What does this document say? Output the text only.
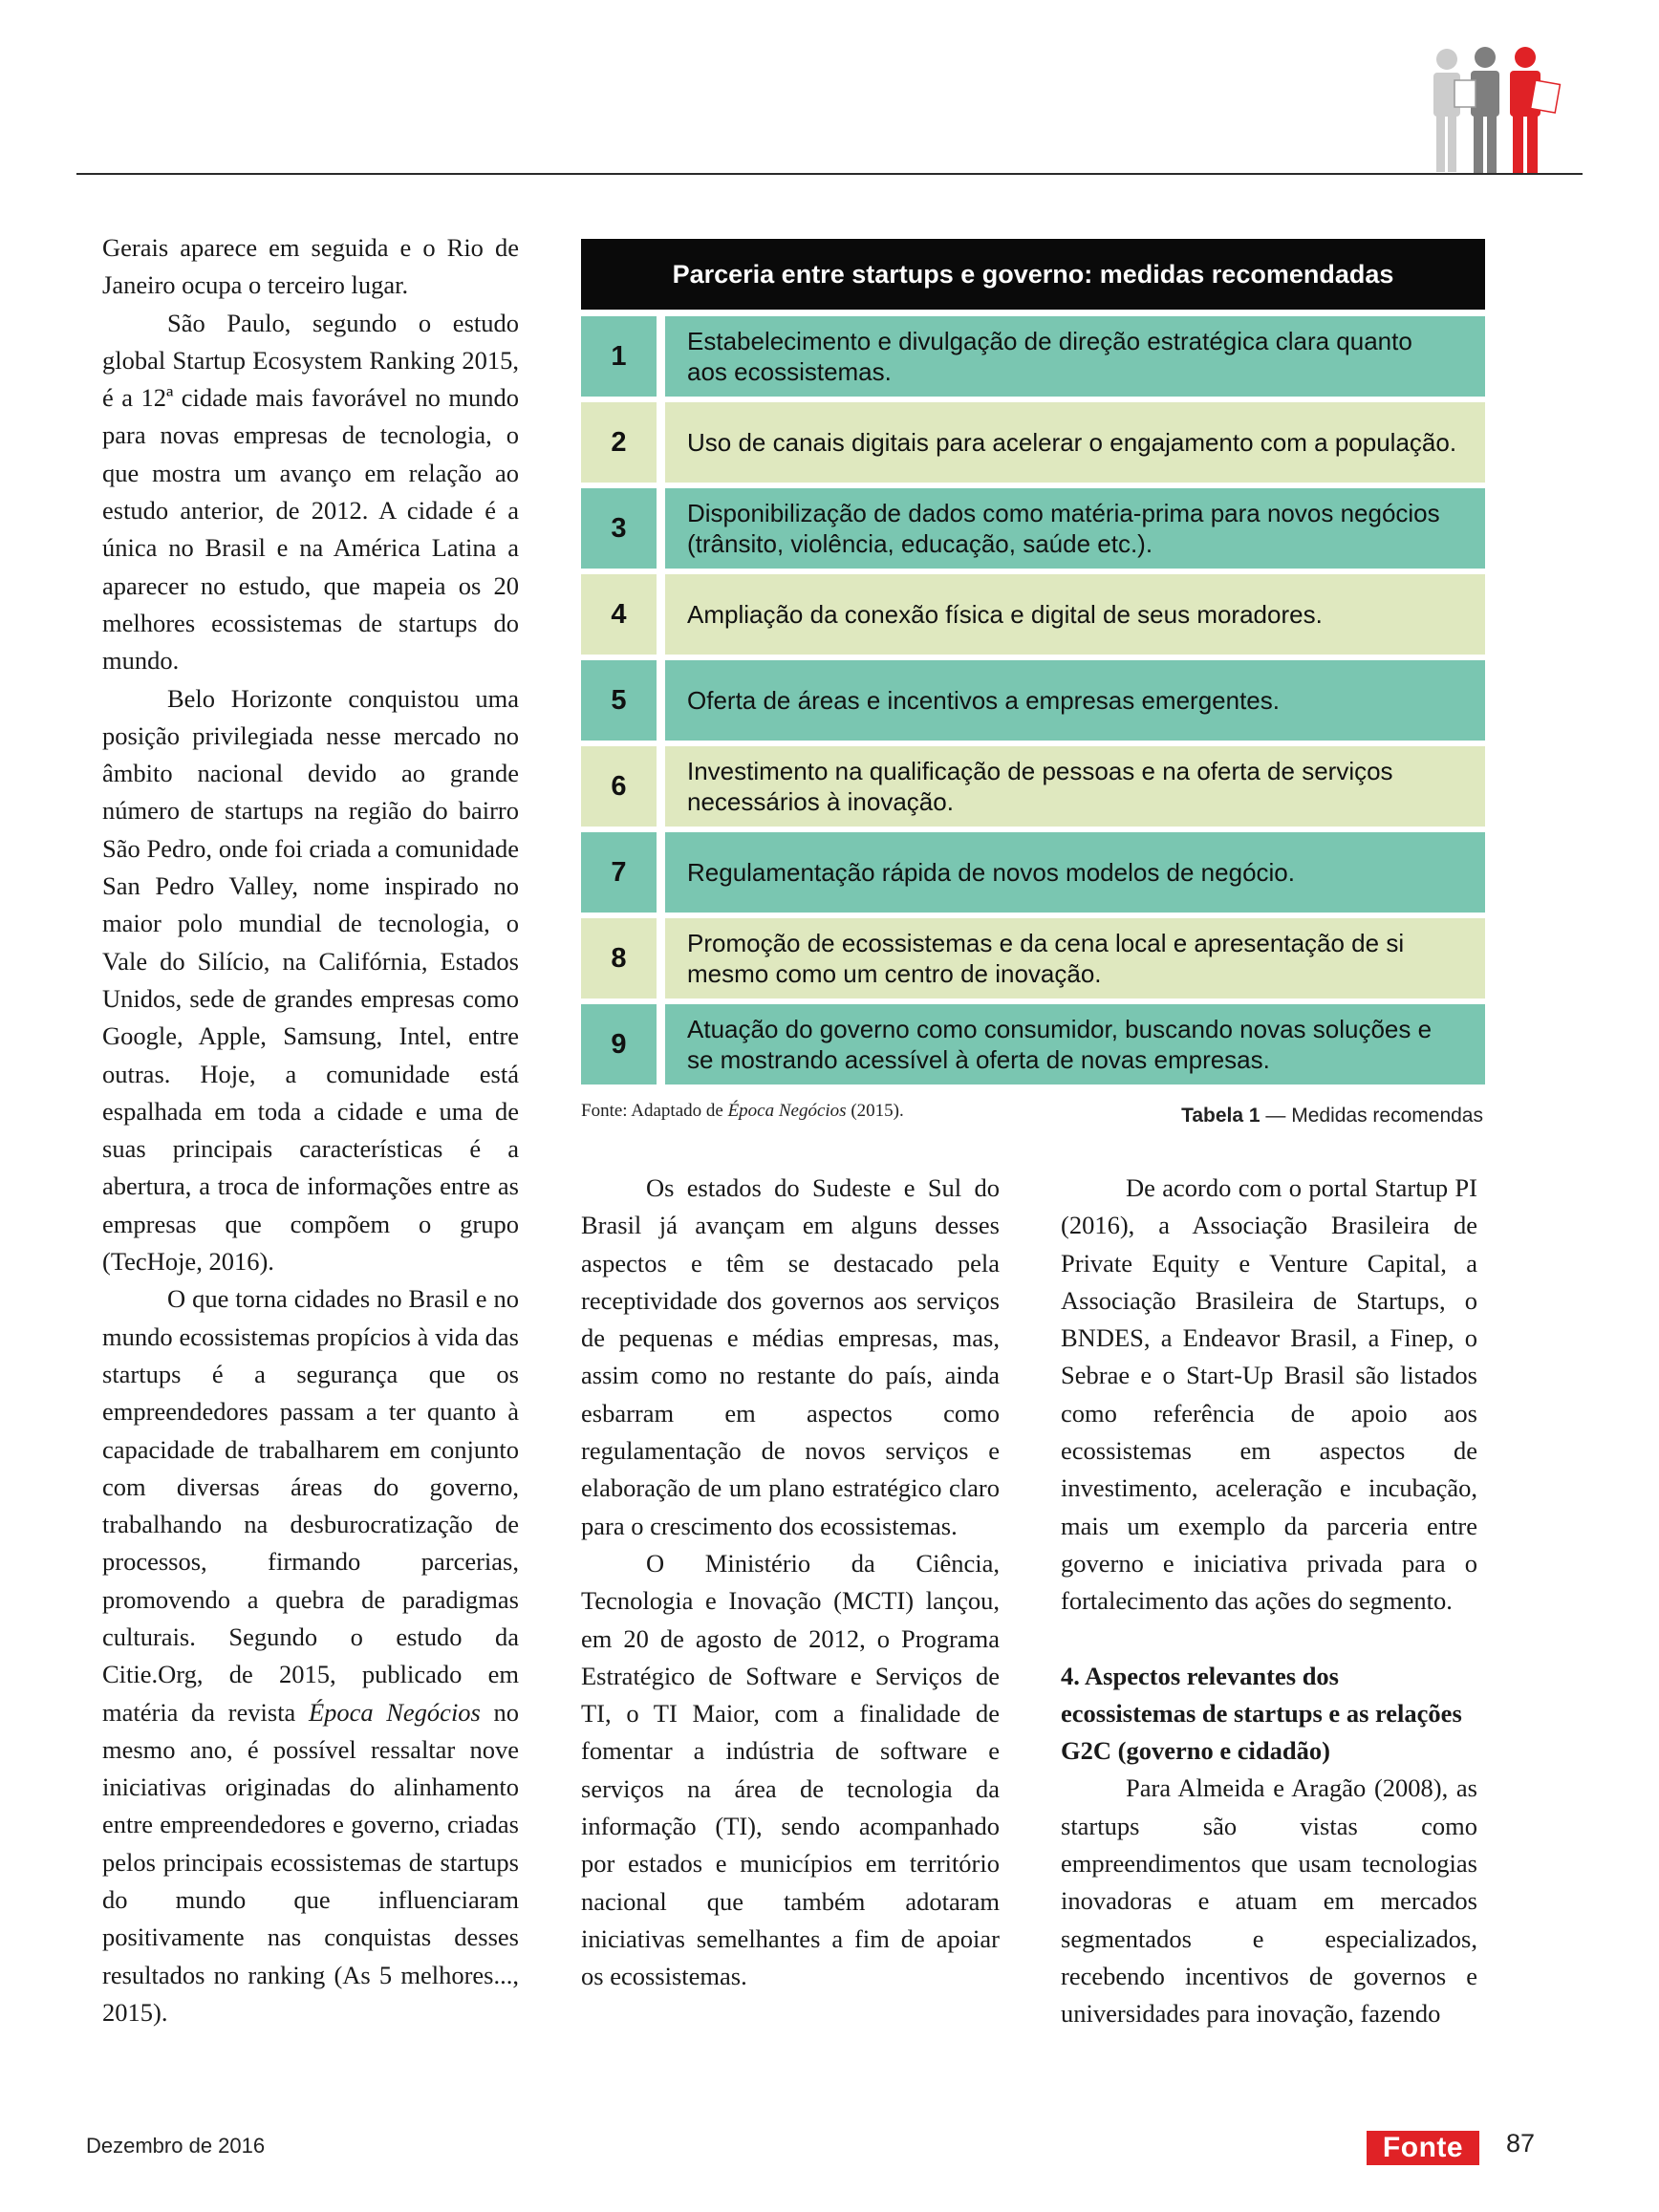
Gerais aparece em seguida e o Rio de Janeiro ocupa o terceiro lugar.

São Paulo, segundo o estudo global Startup Ecosystem Ranking 2015, é a 12ª cidade mais favorável no mundo para novas empresas de tecnologia, o que mostra um avanço em relação ao estudo anterior, de 2012. A cidade é a única no Brasil e na América Latina a aparecer no estudo, que mapeia os 20 melhores ecossistemas de startups do mundo.

Belo Horizonte conquistou uma posição privilegiada nesse mercado no âmbito nacional devido ao grande número de startups na região do bairro São Pedro, onde foi criada a comunidade San Pedro Valley, nome inspirado no maior polo mundial de tecnologia, o Vale do Silício, na Califórnia, Estados Unidos, sede de grandes empresas como Google, Apple, Samsung, Intel, entre outras. Hoje, a comunidade está espalhada em toda a cidade e uma de suas principais características é a abertura, a troca de informações entre as empresas que compõem o grupo (TecHoje, 2016).

O que torna cidades no Brasil e no mundo ecossistemas propícios à vida das startups é a segurança que os empreendedores passam a ter quanto à capacidade de trabalharem em conjunto com diversas áreas do governo, trabalhando na desburocratização de processos, firmando parcerias, promovendo a quebra de paradigmas culturais. Segundo o estudo da Citie.Org, de 2015, publicado em matéria da revista Época Negócios no mesmo ano, é possível ressaltar nove iniciativas originadas do alinhamento entre empreendedores e governo, criadas pelos principais ecossistemas de startups do mundo que influenciaram positivamente nas conquistas desses resultados no ranking (As 5 melhores..., 2015).

Parceria entre startups e governo: medidas recomendadas
1	Estabelecimento e divulgação de direção estratégica clara quanto aos ecossistemas.
2	Uso de canais digitais para acelerar o engajamento com a população.
3	Disponibilização de dados como matéria-prima para novos negócios (trânsito, violência, educação, saúde etc.).
4	Ampliação da conexão física e digital de seus moradores.
5	Oferta de áreas e incentivos a empresas emergentes.
6	Investimento na qualificação de pessoas e na oferta de serviços necessários à inovação.
7	Regulamentação rápida de novos modelos de negócio.
8	Promoção de ecossistemas e da cena local e apresentação de si mesmo como um centro de inovação.
9	Atuação do governo como consumidor, buscando novas soluções e se mostrando acessível à oferta de novas empresas.
Fonte: Adaptado de Época Negócios (2015).	Tabela 1 — Medidas recomendas

Os estados do Sudeste e Sul do Brasil já avançam em alguns desses aspectos e têm se destacado pela receptividade dos governos aos serviços de pequenas e médias empresas, mas, assim como no restante do país, ainda esbarram em aspectos como regulamentação de novos serviços e elaboração de um plano estratégico claro para o crescimento dos ecossistemas.

O Ministério da Ciência, Tecnologia e Inovação (MCTI) lançou, em 20 de agosto de 2012, o Programa Estratégico de Software e Serviços de TI, o TI Maior, com a finalidade de fomentar a indústria de software e serviços na área de tecnologia da informação (TI), sendo acompanhado por estados e municípios em território nacional que também adotaram iniciativas semelhantes a fim de apoiar os ecossistemas.

De acordo com o portal Startup PI (2016), a Associação Brasileira de Private Equity e Venture Capital, a Associação Brasileira de Startups, o BNDES, a Endeavor Brasil, a Finep, o Sebrae e o Start-Up Brasil são listados como referência de apoio aos ecossistemas em aspectos de investimento, aceleração e incubação, mais um exemplo da parceria entre governo e iniciativa privada para o fortalecimento das ações do segmento.

4. Aspectos relevantes dos ecossistemas de startups e as relações G2C (governo e cidadão)

Para Almeida e Aragão (2008), as startups são vistas como empreendimentos que usam tecnologias inovadoras e atuam em mercados segmentados e especializados, recebendo incentivos de governos e universidades para inovação, fazendo

Dezembro de 2016	Fonte	87
